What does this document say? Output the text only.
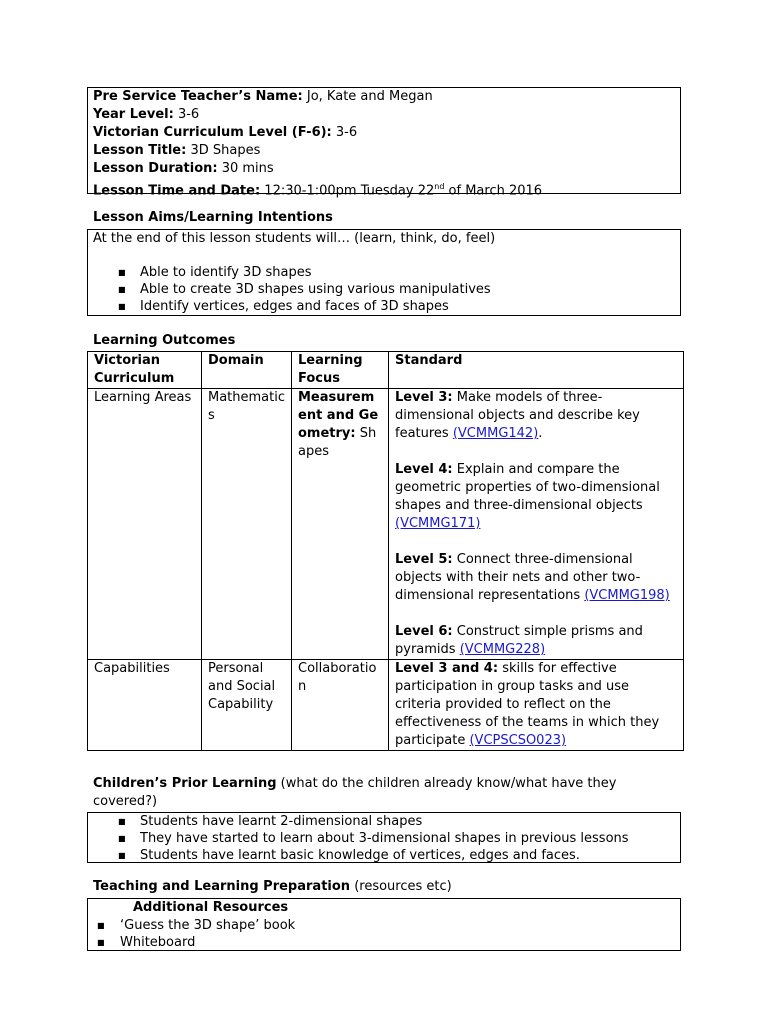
Pre Service Teacher’s Name: Jo, Kate and Megan
Year Level: 3-6
Victorian Curriculum Level (F-6): 3-6
Lesson Title: 3D Shapes
Lesson Duration: 30 mins
Lesson Time and Date: 12:30-1:00pm Tuesday 22nd of March 2016
Lesson Aims/Learning Intentions
At the end of this lesson students will… (learn, think, do, feel)
■ Able to identify 3D shapes
■ Able to create 3D shapes using various manipulatives
■ Identify vertices, edges and faces of 3D shapes
Learning Outcomes
Victorian Curriculum	Domain	Learning Focus	Standard
Learning Areas	Mathematics	Measurement and Geometry: Shapes	Level 3: Make models of three-dimensional objects and describe key features (VCMMG142).

Level 4: Explain and compare the geometric properties of two-dimensional shapes and three-dimensional objects (VCMMG171)

Level 5: Connect three-dimensional objects with their nets and other two-dimensional representations (VCMMG198)

Level 6: Construct simple prisms and pyramids (VCMMG228)

Capabilities	Personal and Social Capability	Collaboration	Level 3 and 4: skills for effective participation in group tasks and use criteria provided to reflect on the effectiveness of the teams in which they participate (VCPSCSO023)

Children’s Prior Learning (what do the children already know/what have they covered?)
■ Students have learnt 2-dimensional shapes
■ They have started to learn about 3-dimensional shapes in previous lessons
■ Students have learnt basic knowledge of vertices, edges and faces.
Teaching and Learning Preparation (resources etc)
Additional Resources
■ ‘Guess the 3D shape’ book
■ Whiteboard
